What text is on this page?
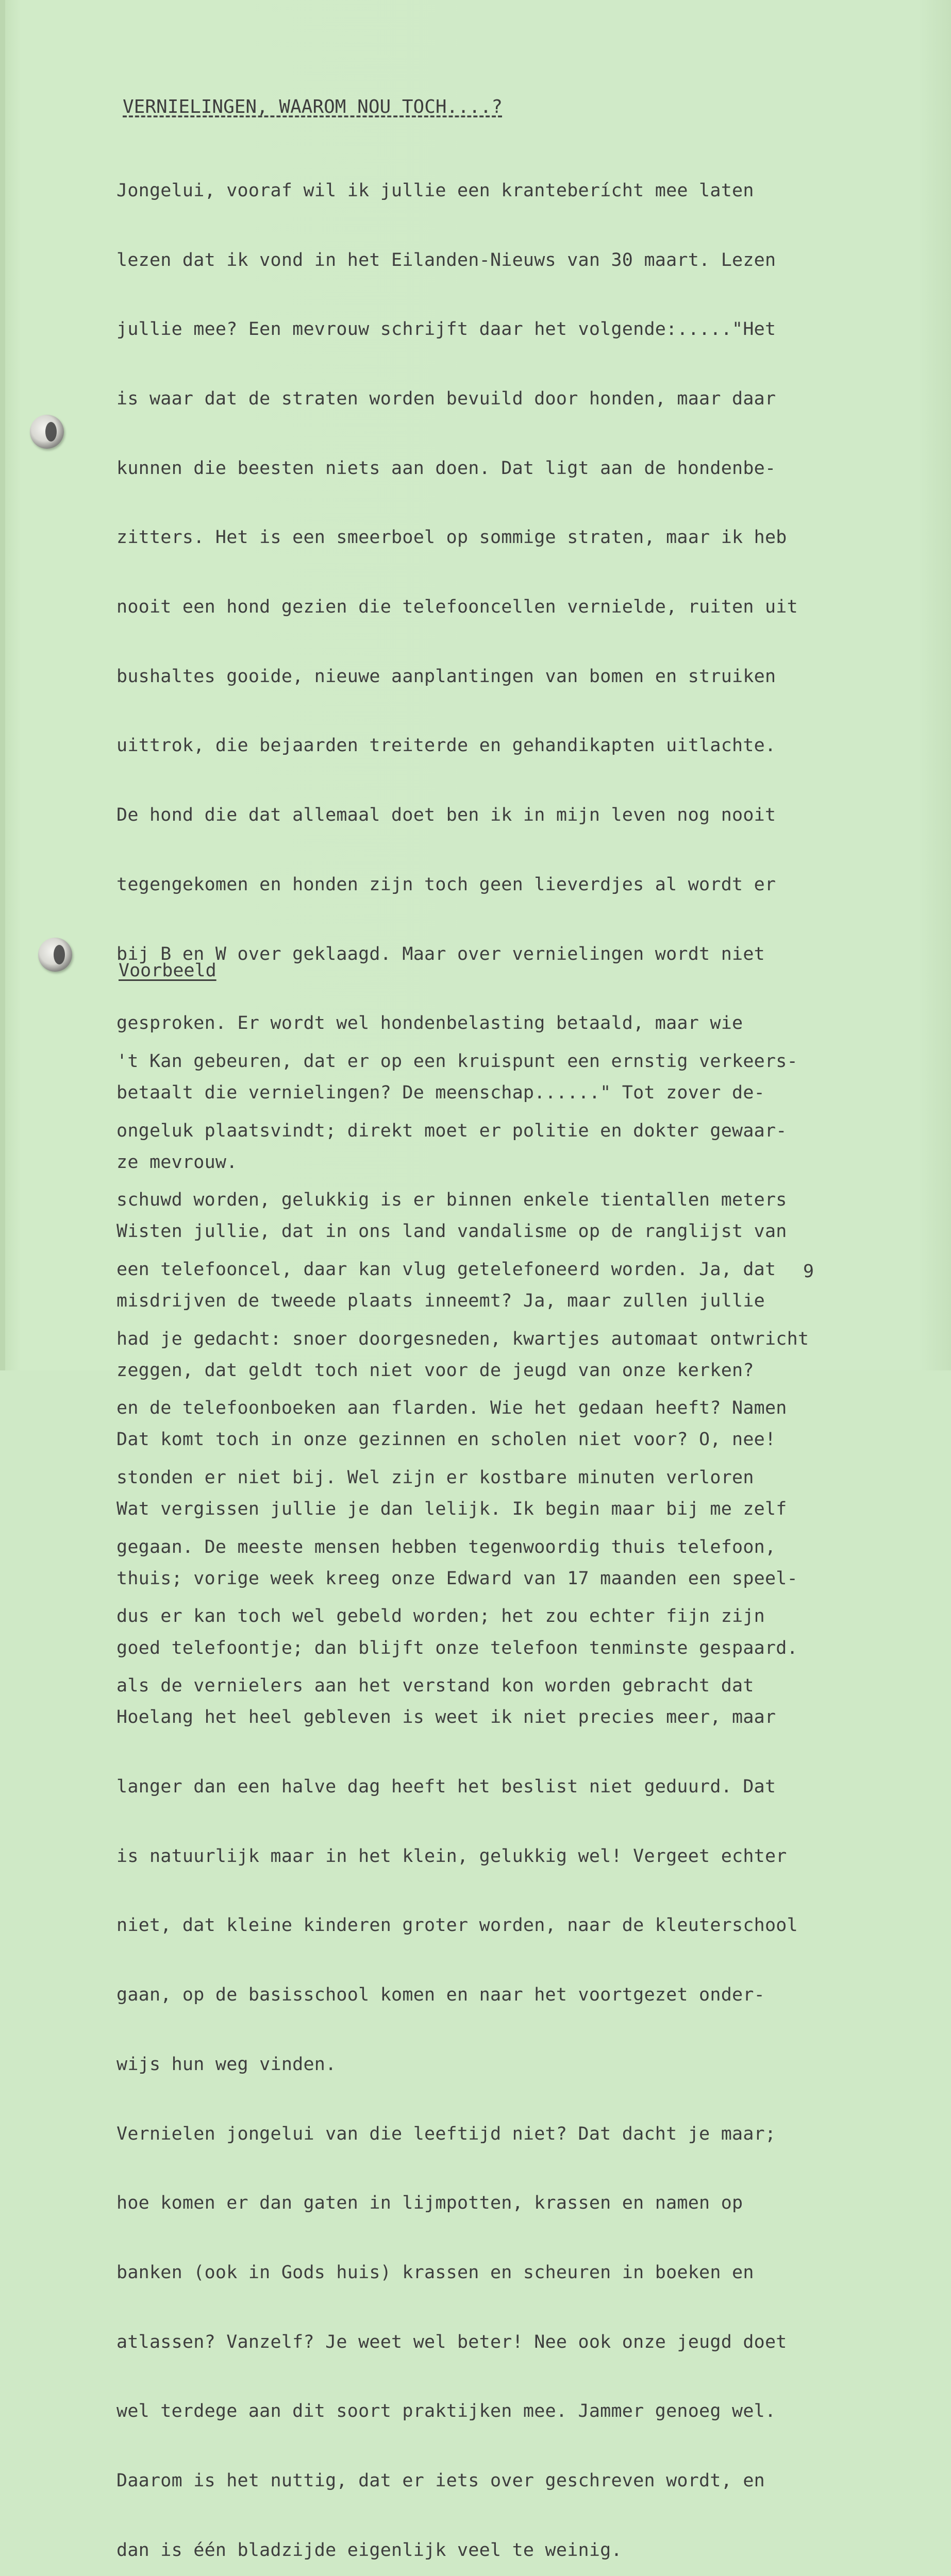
VERNIELINGEN, WAAROM NOU TOCH....?

Jongelui, vooraf wil ik jullie een kranteberícht mee laten

lezen dat ik vond in het Eilanden-Nieuws van 30 maart. Lezen

jullie mee? Een mevrouw schrijft daar het volgende:....."Het

is waar dat de straten worden bevuild door honden, maar daar

kunnen die beesten niets aan doen. Dat ligt aan de hondenbe-

zitters. Het is een smeerboel op sommige straten, maar ik heb

nooit een hond gezien die telefooncellen vernielde, ruiten uit

bushaltes gooide, nieuwe aanplantingen van bomen en struiken

uittrok, die bejaarden treiterde en gehandikapten uitlachte.

De hond die dat allemaal doet ben ik in mijn leven nog nooit

tegengekomen en honden zijn toch geen lieverdjes al wordt er

bij B en W over geklaagd. Maar over vernielingen wordt niet

gesproken. Er wordt wel hondenbelasting betaald, maar wie

betaalt die vernielingen? De meenschap......" Tot zover de-

ze mevrouw.

Wisten jullie, dat in ons land vandalisme op de ranglijst van

misdrijven de tweede plaats inneemt? Ja, maar zullen jullie

zeggen, dat geldt toch niet voor de jeugd van onze kerken?

Dat komt toch in onze gezinnen en scholen niet voor? O, nee!

Wat vergissen jullie je dan lelijk. Ik begin maar bij me zelf

thuis; vorige week kreeg onze Edward van 17 maanden een speel-

goed telefoontje; dan blijft onze telefoon tenminste gespaard.

Hoelang het heel gebleven is weet ik niet precies meer, maar

langer dan een halve dag heeft het beslist niet geduurd. Dat

is natuurlijk maar in het klein, gelukkig wel! Vergeet echter

niet, dat kleine kinderen groter worden, naar de kleuterschool

gaan, op de basisschool komen en naar het voortgezet onder-

wijs hun weg vinden.

Vernielen jongelui van die leeftijd niet? Dat dacht je maar;

hoe komen er dan gaten in lijmpotten, krassen en namen op

banken (ook in Gods huis) krassen en scheuren in boeken en

atlassen? Vanzelf? Je weet wel beter! Nee ook onze jeugd doet

wel terdege aan dit soort praktijken mee. Jammer genoeg wel.

Daarom is het nuttig, dat er iets over geschreven wordt, en

dan is één bladzijde eigenlijk veel te weinig.

Voorbeeld

't Kan gebeuren, dat er op een kruispunt een ernstig verkeers-

ongeluk plaatsvindt; direkt moet er politie en dokter gewaar-

schuwd worden, gelukkig is er binnen enkele tientallen meters

een telefooncel, daar kan vlug getelefoneerd worden. Ja, dat

had je gedacht: snoer doorgesneden, kwartjes automaat ontwricht

en de telefoonboeken aan flarden. Wie het gedaan heeft? Namen

stonden er niet bij. Wel zijn er kostbare minuten verloren

gegaan. De meeste mensen hebben tegenwoordig thuis telefoon,

dus er kan toch wel gebeld worden; het zou echter fijn zijn

als de vernielers aan het verstand kon worden gebracht dat

9
